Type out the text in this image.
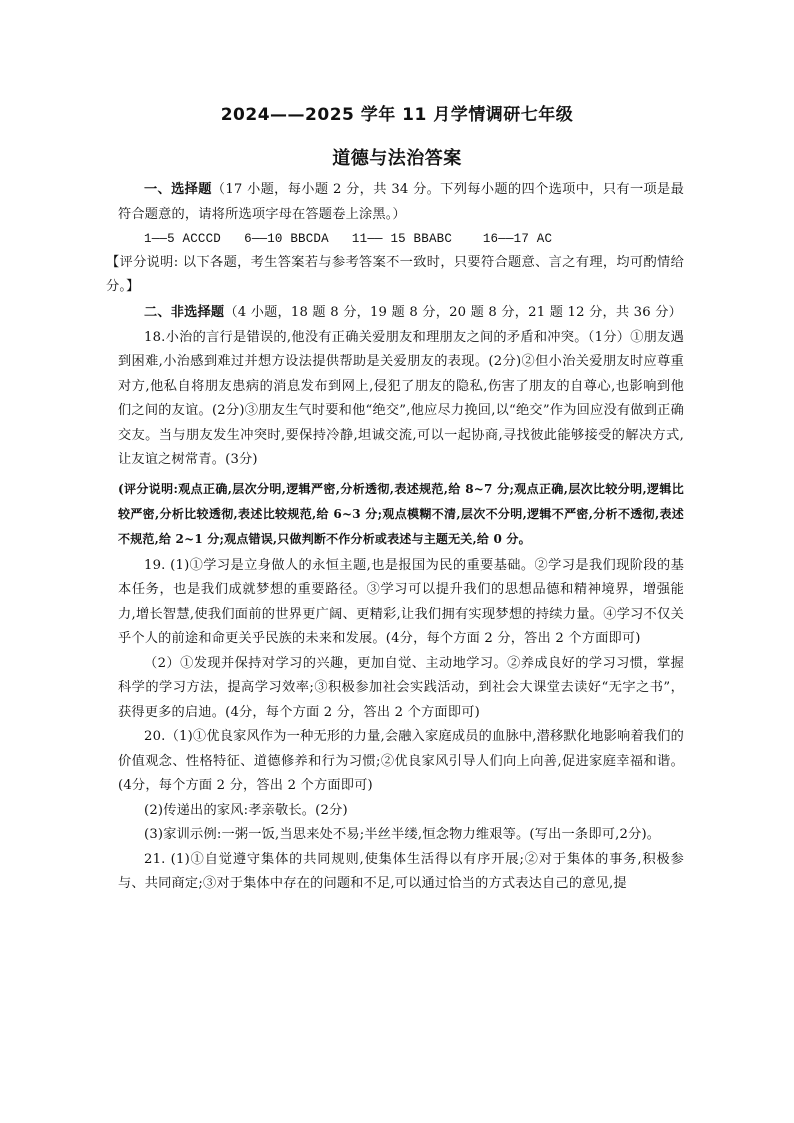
2024——2025 学年 11 月学情调研七年级
道德与法治答案

一、选择题（17 小题，每小题 2 分，共 34 分。下列每小题的四个选项中，只有一项是最符合题意的，请将所选项字母在答题卷上涂黑。）

1——5 ACCCD   6——10 BBCDA   11—— 15 BBABC    16——17 AC

【评分说明: 以下各题，考生答案若与参考答案不一致时，只要符合题意、言之有理，均可酌情给分。】

二、非选择题（4 小题，18 题 8 分，19 题 8 分，20 题 8 分，21 题 12 分，共 36 分）

18.小治的言行是错误的,他没有正确关爱朋友和理朋友之间的矛盾和冲突。（1分）①朋友遇到困难,小治感到难过并想方设法提供帮助是关爱朋友的表现。(2分)②但小治关爱朋友时应尊重对方,他私自将朋友患病的消息发布到网上,侵犯了朋友的隐私,伤害了朋友的自尊心,也影响到他们之间的友谊。(2分)③朋友生气时要和他“绝交”,他应尽力挽回,以“绝交”作为回应没有做到正确交友。当与朋友发生冲突时,要保持冷静,坦诚交流,可以一起协商,寻找彼此能够接受的解决方式,让友谊之树常青。(3分)

(评分说明:观点正确,层次分明,逻辑严密,分析透彻,表述规范,给 8~7 分;观点正确,层次比较分明,逻辑比较严密,分析比较透彻,表述比较规范,给 6~3 分;观点模糊不清,层次不分明,逻辑不严密,分析不透彻,表述不规范,给 2~1 分;观点错误,只做判断不作分析或表述与主题无关,给 0 分。

19. (1)①学习是立身做人的永恒主题,也是报国为民的重要基础。②学习是我们现阶段的基本任务，也是我们成就梦想的重要路径。③学习可以提升我们的思想品德和精神境界，增强能力,增长智慧,使我们面前的世界更广阔、更精彩,让我们拥有实现梦想的持续力量。④学习不仅关乎个人的前途和命更关乎民族的未来和发展。(4分，每个方面 2 分，答出 2 个方面即可)

（2）①发现并保持对学习的兴趣，更加自觉、主动地学习。②养成良好的学习习惯，掌握科学的学习方法，提高学习效率;③积极参加社会实践活动，到社会大课堂去读好“无字之书”，获得更多的启迪。(4分，每个方面 2 分，答出 2 个方面即可)

20.（1)①优良家风作为一种无形的力量,会融入家庭成员的血脉中,潜移默化地影响着我们的价值观念、性格特征、道德修养和行为习惯;②优良家风引导人们向上向善,促进家庭幸福和谐。(4分，每个方面 2 分，答出 2 个方面即可)

(2)传递出的家风:孝亲敬长。(2分)

(3)家训示例:一粥一饭,当思来处不易;半丝半缕,恒念物力维艰等。(写出一条即可,2分)。

21. (1)①自觉遵守集体的共同规则,使集体生活得以有序开展;②对于集体的事务,积极参与、共同商定;③对于集体中存在的问题和不足,可以通过恰当的方式表达自己的意见,提
